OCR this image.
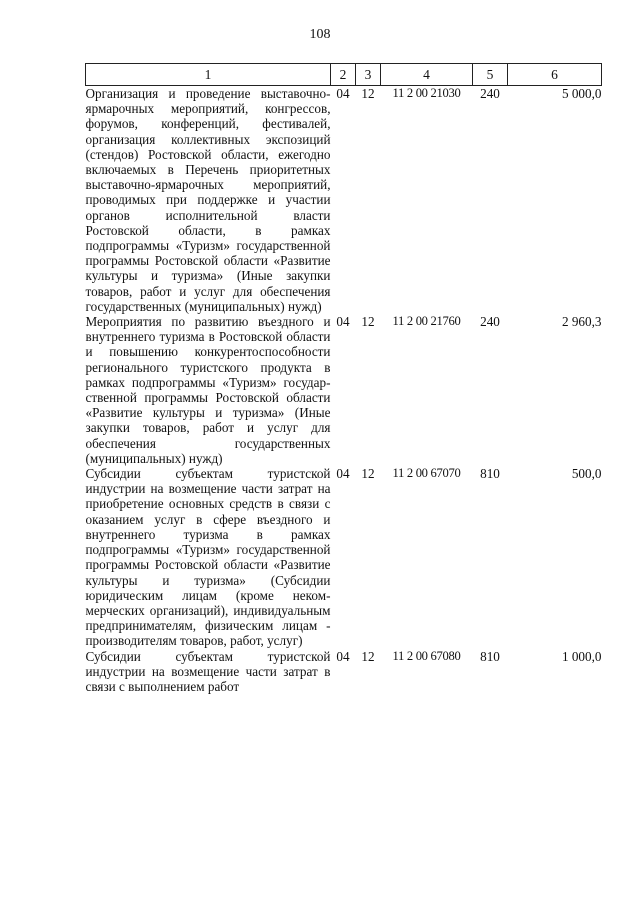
108
1	2	3	4	5	6
Организация и проведение выставочно-ярмарочных мероприятий, конгрессов, форумов, конференций, фестивалей, организация коллективных экспозиций (стендов) Ростовской области, ежегодно включаемых в Перечень приоритетных выставочно-ярмарочных мероприятий, проводимых при поддержке и участии органов исполнительной власти Ростовской области, в рамках подпрограммы «Туризм» государственной программы Ростовской области «Развитие культуры и туризма» (Иные закупки товаров, работ и услуг для обеспечения государственных (муниципальных) нужд)	04	12	11 2 00 21030	240	5 000,0
Мероприятия по развитию въездного и внутреннего туризма в Ростовской области и повышению конкурентоспособности регионального туристского продукта в рамках подпрограммы «Туризм» государственной программы Ростовской области «Развитие культуры и туризма» (Иные закупки товаров, работ и услуг для обеспечения государственных (муниципальных) нужд)	04	12	11 2 00 21760	240	2 960,3
Субсидии субъектам туристской индустрии на возмещение части затрат на приобретение основных средств в связи с оказанием услуг в сфере въездного и внутреннего туризма в рамках подпрограммы «Туризм» государственной программы Ростовской области «Развитие культуры и туризма» (Субсидии юридическим лицам (кроме некоммерческих организаций), индивидуальным предпринимателям, физическим лицам - производителям товаров, работ, услуг)	04	12	11 2 00 67070	810	500,0
Субсидии субъектам туристской индустрии на возмещение части затрат в связи с выполнением работ	04	12	11 2 00 67080	810	1 000,0
